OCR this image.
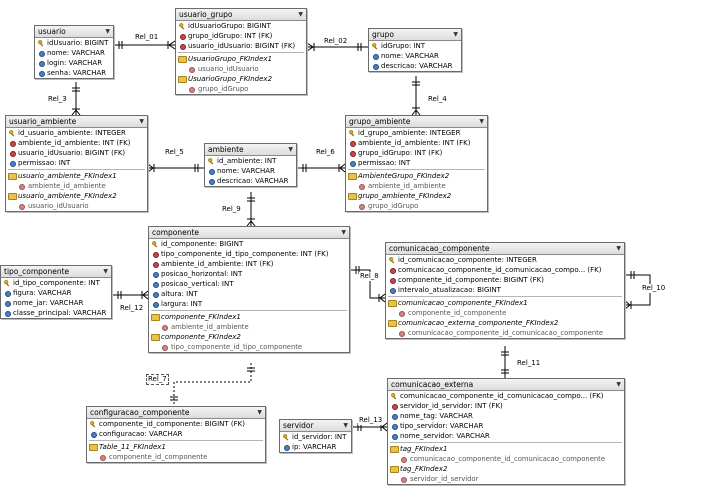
Rel_01	Rel_02
Rel_3	Rel_4
Rel_5	Rel_6
Rel_7
Rel_8
Rel_9
Rel_10
Rel_11
Rel_12
Rel_13
usuario	▼
idUsuario: BIGINT
nome: VARCHAR
login: VARCHAR
senha: VARCHAR
usuario_grupo	▼
idUsuarioGrupo: BIGINT
grupo_idGrupo: INT (FK)
usuario_idUsuario: BIGINT (FK)
UsuarioGrupo_FKIndex1
usuario_idUsuario
UsuarioGrupo_FKIndex2
grupo_idGrupo
grupo	▼
idGrupo: INT
nome: VARCHAR
descricao: VARCHAR
usuario_ambiente	▼
id_usuario_ambiente: INTEGER
ambiente_id_ambiente: INT (FK)
usuario_idUsuario: BIGINT (FK)
permissao: INT
usuario_ambiente_FKIndex1
ambiente_id_ambiente
usuario_ambiente_FKIndex2
usuario_idUsuario
ambiente	▼
id_ambiente: INT
nome: VARCHAR
descricao: VARCHAR
grupo_ambiente	▼
id_grupo_ambiente: INTEGER
ambiente_id_ambiente: INT (FK)
grupo_idGrupo: INT (FK)
permissao: INT
AmbienteGrupo_FKIndex2
ambiente_id_ambiente
grupo_ambiente_FKIndex2
grupo_idGrupo
componente	▼
id_componente: BIGINT
tipo_componente_id_tipo_componente: INT (FK)
ambiente_id_ambiente: INT (FK)
posicao_horizontal: INT
posicao_vertical: INT
altura: INT
largura: INT
componente_FKIndex1
ambiente_id_ambiente
componente_FKIndex2
tipo_componente_id_tipo_componente
tipo_componente	▼
id_tipo_componente: INT
figura: VARCHAR
nome_jar: VARCHAR
classe_principal: VARCHAR
comunicacao_componente	▼
id_comunicacao_componente: INTEGER
comunicacao_componente_id_comunicacao_compo... (FK)
componente_id_componente: BIGINT (FK)
intervalo_atualizacao: BIGINT
comunicacao_componente_FKIndex1
componente_id_componente
comunicacao_externa_componente_FKIndex2
comunicacao_componente_id_comunicacao_componente
configuracao_componente	▼
componente_id_componente: BIGINT (FK)
configuracao: VARCHAR
Table_11_FKIndex1
componente_id_componente
servidor	▼
id_servidor: INT
ip: VARCHAR
comunicacao_externa	▼
comunicacao_componente_id_comunicacao_compo... (FK)
servidor_id_servidor: INT (FK)
nome_tag: VARCHAR
tipo_servidor: VARCHAR
nome_servidor: VARCHAR
tag_FKIndex1
comunicacao_componente_id_comunicacao_componente
tag_FKIndex2
servidor_id_servidor
